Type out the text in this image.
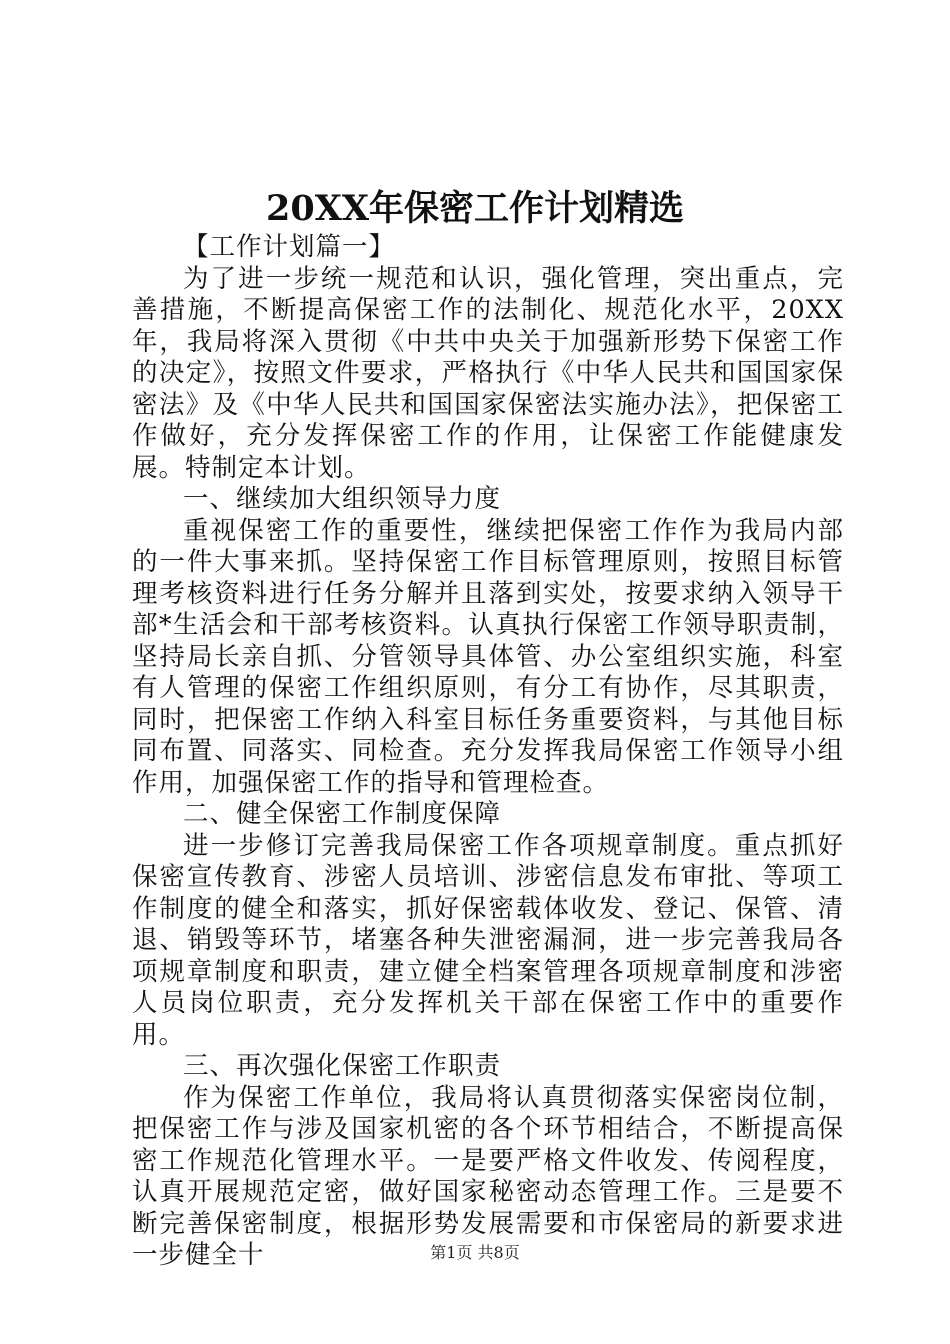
20XX年保密工作计划精选

【工作计划篇一】

为了进一步统一规范和认识，强化管理，突出重点，完善措施，不断提高保密工作的法制化、规范化水平，20XX年，我局将深入贯彻《中共中央关于加强新形势下保密工作的决定》，按照文件要求，严格执行《中华人民共和国国家保密法》及《中华人民共和国国家保密法实施办法》，把保密工作做好，充分发挥保密工作的作用，让保密工作能健康发展。特制定本计划。

一、继续加大组织领导力度

重视保密工作的重要性，继续把保密工作作为我局内部的一件大事来抓。坚持保密工作目标管理原则，按照目标管理考核资料进行任务分解并且落到实处，按要求纳入领导干部*生活会和干部考核资料。认真执行保密工作领导职责制，坚持局长亲自抓、分管领导具体管、办公室组织实施，科室有人管理的保密工作组织原则，有分工有协作，尽其职责，同时，把保密工作纳入科室目标任务重要资料，与其他目标同布置、同落实、同检查。充分发挥我局保密工作领导小组作用，加强保密工作的指导和管理检查。

二、健全保密工作制度保障

进一步修订完善我局保密工作各项规章制度。重点抓好保密宣传教育、涉密人员培训、涉密信息发布审批、等项工作制度的健全和落实，抓好保密载体收发、登记、保管、清退、销毁等环节，堵塞各种失泄密漏洞，进一步完善我局各项规章制度和职责，建立健全档案管理各项规章制度和涉密人员岗位职责，充分发挥机关干部在保密工作中的重要作用。

三、再次强化保密工作职责

作为保密工作单位，我局将认真贯彻落实保密岗位制，把保密工作与涉及国家机密的各个环节相结合，不断提高保密工作规范化管理水平。一是要严格文件收发、传阅程度，认真开展规范定密，做好国家秘密动态管理工作。三是要不断完善保密制度，根据形势发展需要和市保密局的新要求进一步健全十	第1页 共8页
